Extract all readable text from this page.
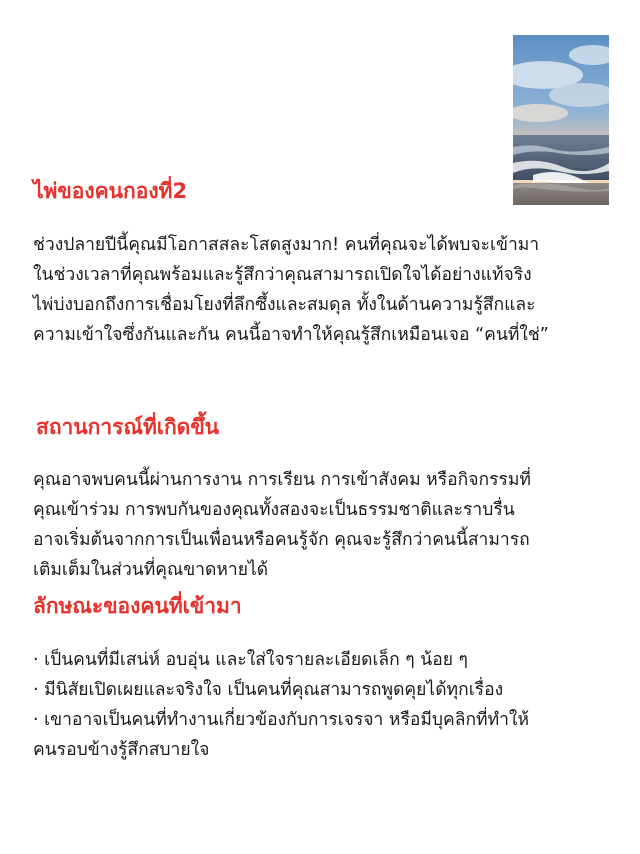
ไพ่ของคนกองที่2
ช่วงปลายปีนี้คุณมีโอกาสสละโสดสูงมาก! คนที่คุณจะได้พบจะเข้ามา
ในช่วงเวลาที่คุณพร้อมและรู้สึกว่าคุณสามารถเปิดใจได้อย่างแท้จริง
ไพ่บ่งบอกถึงการเชื่อมโยงที่ลึกซึ้งและสมดุล ทั้งในด้านความรู้สึกและ
ความเข้าใจซึ่งกันและกัน คนนี้อาจทำให้คุณรู้สึกเหมือนเจอ “คนที่ใช่”
สถานการณ์ที่เกิดขึ้น
คุณอาจพบคนนี้ผ่านการงาน การเรียน การเข้าสังคม หรือกิจกรรมที่
คุณเข้าร่วม การพบกันของคุณทั้งสองจะเป็นธรรมชาติและราบรื่น
อาจเริ่มต้นจากการเป็นเพื่อนหรือคนรู้จัก คุณจะรู้สึกว่าคนนี้สามารถ
เติมเต็มในส่วนที่คุณขาดหายได้
ลักษณะของคนที่เข้ามา
· เป็นคนที่มีเสน่ห์ อบอุ่น และใส่ใจรายละเอียดเล็ก ๆ น้อย ๆ
· มีนิสัยเปิดเผยและจริงใจ เป็นคนที่คุณสามารถพูดคุยได้ทุกเรื่อง
· เขาอาจเป็นคนที่ทำงานเกี่ยวข้องกับการเจรจา หรือมีบุคลิกที่ทำให้
คนรอบข้างรู้สึกสบายใจ
